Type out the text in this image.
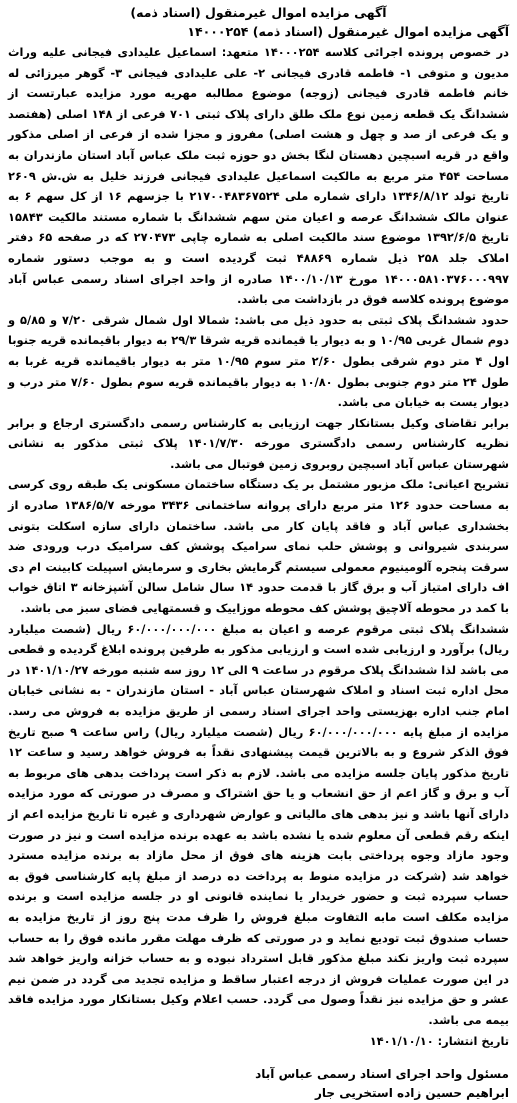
آگهی مزایده اموال غیرمنقول (اسناد ذمه)
آگهی مزایده اموال غیرمنقول (اسناد ذمه) ۱۴۰۰۰۲۵۴

در خصوص پرونده اجرائی کلاسه ۱۴۰۰۰۲۵۴ متعهد: اسماعیل علیدادی فیجانی علیه وراث مدیون و متوفی ۱- فاطمه قادری فیجانی ۲- علی علیدادی فیجانی ۳- گوهر میرزائی له خانم فاطمه قادری فیجانی (زوجه) موضوع مطالبه مهریه مورد مزایده عبارتست از ششدانگ یک قطعه زمین نوع ملک طلق دارای پلاک ثبتی ۷۰۱ فرعی از ۱۴۸ اصلی (هفتصد و یک فرعی از صد و چهل و هشت اصلی) مفروز و مجزا شده از فرعی از اصلی مذکور واقع در قریه اسبچین دهستان لنگا بخش دو حوزه ثبت ملک عباس آباد استان مازندران به مساحت ۴۵۴ متر مربع به مالکیت اسماعیل علیدادی فیجانی فرزند خلیل به ش.ش ۲۶۰۹ تاریخ تولد ۱۳۴۶/۸/۱۲ دارای شماره ملی ۲۱۷۰۰۴۸۳۶۷۵۲۴ با جزسهم ۱۶ از کل سهم ۶ به عنوان مالک ششدانگ عرصه و اعیان متن سهم ششدانگ با شماره مستند مالکیت ۱۵۸۴۳ تاریخ ۱۳۹۲/۶/۵ موضوع سند مالکیت اصلی به شماره چاپی ۲۷۰۴۷۳ که در صفحه ۶۵ دفتر املاک جلد ۲۵۸ ذیل شماره ۴۸۸۶۹ ثبت گردیده است و به موجب دستور شماره ۱۴۰۰۰۵۸۱۰۳۷۶۰۰۰۹۹۷ مورخ ۱۴۰۰/۱۰/۱۳ صادره از واحد اجرای اسناد رسمی عباس آباد موضوع پرونده کلاسه فوق در بازداشت می باشد.

حدود ششدانگ پلاک ثبتی به حدود ذیل می باشد: شمالا اول شمال شرقی ۷/۲۰ و ۵/۸۵ و دوم شمال غربی ۱۰/۹۵ و به دیوار یا قیمانده قریه شرقا ۲۹/۳ به دیوار باقیمانده قریه جنوبا اول ۴ متر دوم شرقی بطول ۲/۶۰ متر سوم ۱۰/۹۵ متر به دیوار باقیمانده قریه غربا به طول ۲۴ متر دوم جنوبی بطول ۱۰/۸۰ به دیوار باقیمانده قریه سوم بطول ۷/۶۰ متر درب و دیوار یست به خیابان می باشد.

برابر تقاضای وکیل بستانکار جهت ارزیابی به کارشناس رسمی دادگستری ارجاع و برابر نظریه کارشناس رسمی دادگستری مورخه ۱۴۰۱/۷/۳۰ پلاک ثبتی مذکور به نشانی شهرستان عباس آباد اسبچین روبروی زمین فوتبال می باشد.

تشریح اعیانی: ملک مزبور مشتمل بر یک دستگاه ساختمان مسکونی یک طبقه روی کرسی به مساحت حدود ۱۲۶ متر مربع دارای پروانه ساختمانی ۳۴۳۶ مورخه ۱۳۸۶/۵/۷ صادره از بخشداری عباس آباد و فاقد پایان کار می باشد. ساختمان دارای سازه اسکلت بتونی سربندی شیروانی و پوشش حلب نمای سرامیک پوشش کف سرامیک درب ورودی ضد سرقت پنجره آلومینیوم معمولی سیستم گرمایش بخاری و سرمایش اسپیلت کابینت ام دی اف دارای امتیاز آب و برق گاز با قدمت حدود ۱۴ سال شامل سالن آشپزخانه ۳ اتاق خواب با کمد در محوطه آلاچیق پوشش کف محوطه موزاییک و قسمتهایی فضای سبز می باشد.

ششدانگ پلاک ثبتی مرقوم عرصه و اعیان به مبلغ ۶۰/۰۰۰/۰۰۰/۰۰۰ ریال (شصت میلیارد ریال) برآورد و ارزیابی شده است و ارزیابی مذکور به طرفین پرونده ابلاغ گردیده و قطعی می باشد لذا ششدانگ پلاک مرقوم در ساعت ۹ الی ۱۲ روز سه شنبه مورخه ۱۴۰۱/۱۰/۲۷ در محل اداره ثبت اسناد و املاک شهرستان عباس آباد - استان مازندران - به نشانی خیابان امام جنب اداره بهزیستی واحد اجرای اسناد رسمی از طریق مزایده به فروش می رسد. مزایده از مبلغ پایه ۶۰/۰۰۰/۰۰۰/۰۰۰ ریال (شصت میلیارد ریال) راس ساعت ۹ صبح تاریخ فوق الذکر شروع و به بالاترین قیمت پیشنهادی نقداً به فروش خواهد رسید و ساعت ۱۲ تاریخ مذکور پایان جلسه مزایده می باشد. لازم به ذکر است پرداخت بدهی های مربوط به آب و برق و گاز اعم از حق انشعاب و یا حق اشتراک و مصرف در صورتی که مورد مزایده دارای آنها باشد و نیز بدهی های مالیاتی و عوارض شهرداری و غیره تا تاریخ مزایده اعم از اینکه رقم قطعی آن معلوم شده یا نشده باشد به عهده برنده مزایده است و نیز در صورت وجود مازاد وجوه پرداختی بابت هزینه های فوق از محل مازاد به برنده مزایده مسترد خواهد شد (شرکت در مزایده منوط به پرداخت ده درصد از مبلغ پایه کارشناسی فوق به حساب سپرده ثبت و حضور خریدار یا نماینده قانونی او در جلسه مزایده است و برنده مزایده مکلف است مابه التفاوت مبلغ فروش را ظرف مدت پنج روز از تاریخ مزایده به حساب صندوق ثبت تودیع نماید و در صورتی که ظرف مهلت مقرر مانده فوق را به حساب سپرده ثبت واریز نکند مبلغ مذکور قابل استرداد نبوده و به حساب خزانه واریز خواهد شد در این صورت عملیات فروش از درجه اعتبار ساقط و مزایده تجدید می گردد در ضمن نیم عشر و حق مزایده نیز نقداً وصول می گردد. حسب اعلام وکیل بستانکار مورد مزایده فاقد بیمه می باشد.

تاریخ انتشار: ۱۴۰۱/۱۰/۱۰

مسئول واحد اجرای اسناد رسمی عباس آباد
ابراهیم حسین زاده استخریی جار
